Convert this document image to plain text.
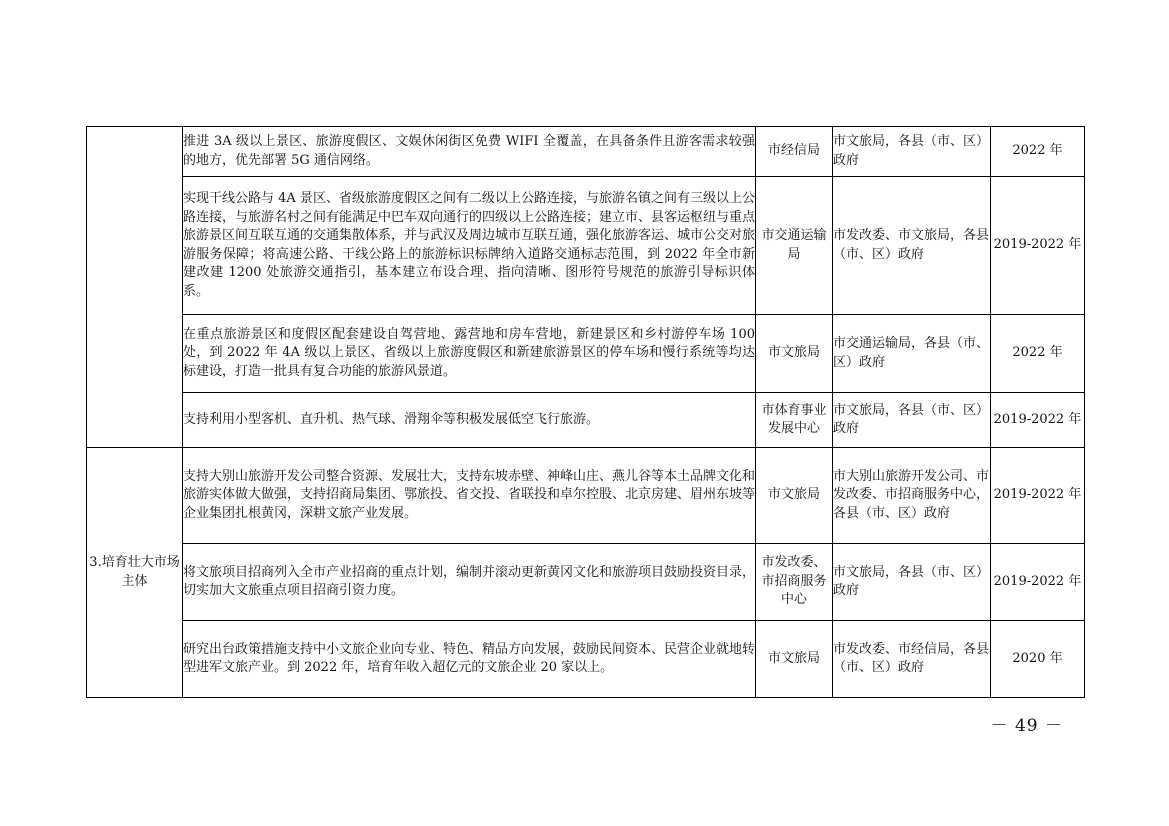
	推进 3A 级以上景区、旅游度假区、文娱休闲街区免费 WIFI 全覆盖，在具备条件且游客需求较强的地方，优先部署 5G 通信网络。	市经信局	市文旅局，各县（市、区）政府	2022 年
	实现干线公路与 4A 景区、省级旅游度假区之间有二级以上公路连接，与旅游名镇之间有三级以上公路连接，与旅游名村之间有能满足中巴车双向通行的四级以上公路连接；建立市、县客运枢纽与重点旅游景区间互联互通的交通集散体系，并与武汉及周边城市互联互通，强化旅游客运、城市公交对旅游服务保障；将高速公路、干线公路上的旅游标识标牌纳入道路交通标志范围，到 2022 年全市新建改建 1200 处旅游交通指引，基本建立布设合理、指向清晰、图形符号规范的旅游引导标识体系。	市交通运输局	市发改委、市文旅局，各县（市、区）政府	2019-2022 年
	在重点旅游景区和度假区配套建设自驾营地、露营地和房车营地，新建景区和乡村游停车场 100 处，到 2022 年 4A 级以上景区、省级以上旅游度假区和新建旅游景区的停车场和慢行系统等均达标建设，打造一批具有复合功能的旅游风景道。	市文旅局	市交通运输局，各县（市、区）政府	2022 年
	支持利用小型客机、直升机、热气球、滑翔伞等积极发展低空飞行旅游。	市体育事业发展中心	市文旅局，各县（市、区）政府	2019-2022 年
3.培育壮大市场主体	支持大别山旅游开发公司整合资源、发展壮大，支持东坡赤壁、神峰山庄、燕儿谷等本土品牌文化和旅游实体做大做强，支持招商局集团、鄂旅投、省交投、省联投和卓尔控股、北京房建、眉州东坡等企业集团扎根黄冈，深耕文旅产业发展。	市文旅局	市大别山旅游开发公司、市发改委、市招商服务中心，各县（市、区）政府	2019-2022 年
	将文旅项目招商列入全市产业招商的重点计划，编制并滚动更新黄冈文化和旅游项目鼓励投资目录，切实加大文旅重点项目招商引资力度。	市发改委、市招商服务中心	市文旅局，各县（市、区）政府	2019-2022 年
	研究出台政策措施支持中小文旅企业向专业、特色、精品方向发展，鼓励民间资本、民营企业就地转型进军文旅产业。到 2022 年，培育年收入超亿元的文旅企业 20 家以上。	市文旅局	市发改委、市经信局，各县（市、区）政府	2020 年
－ 49 －
